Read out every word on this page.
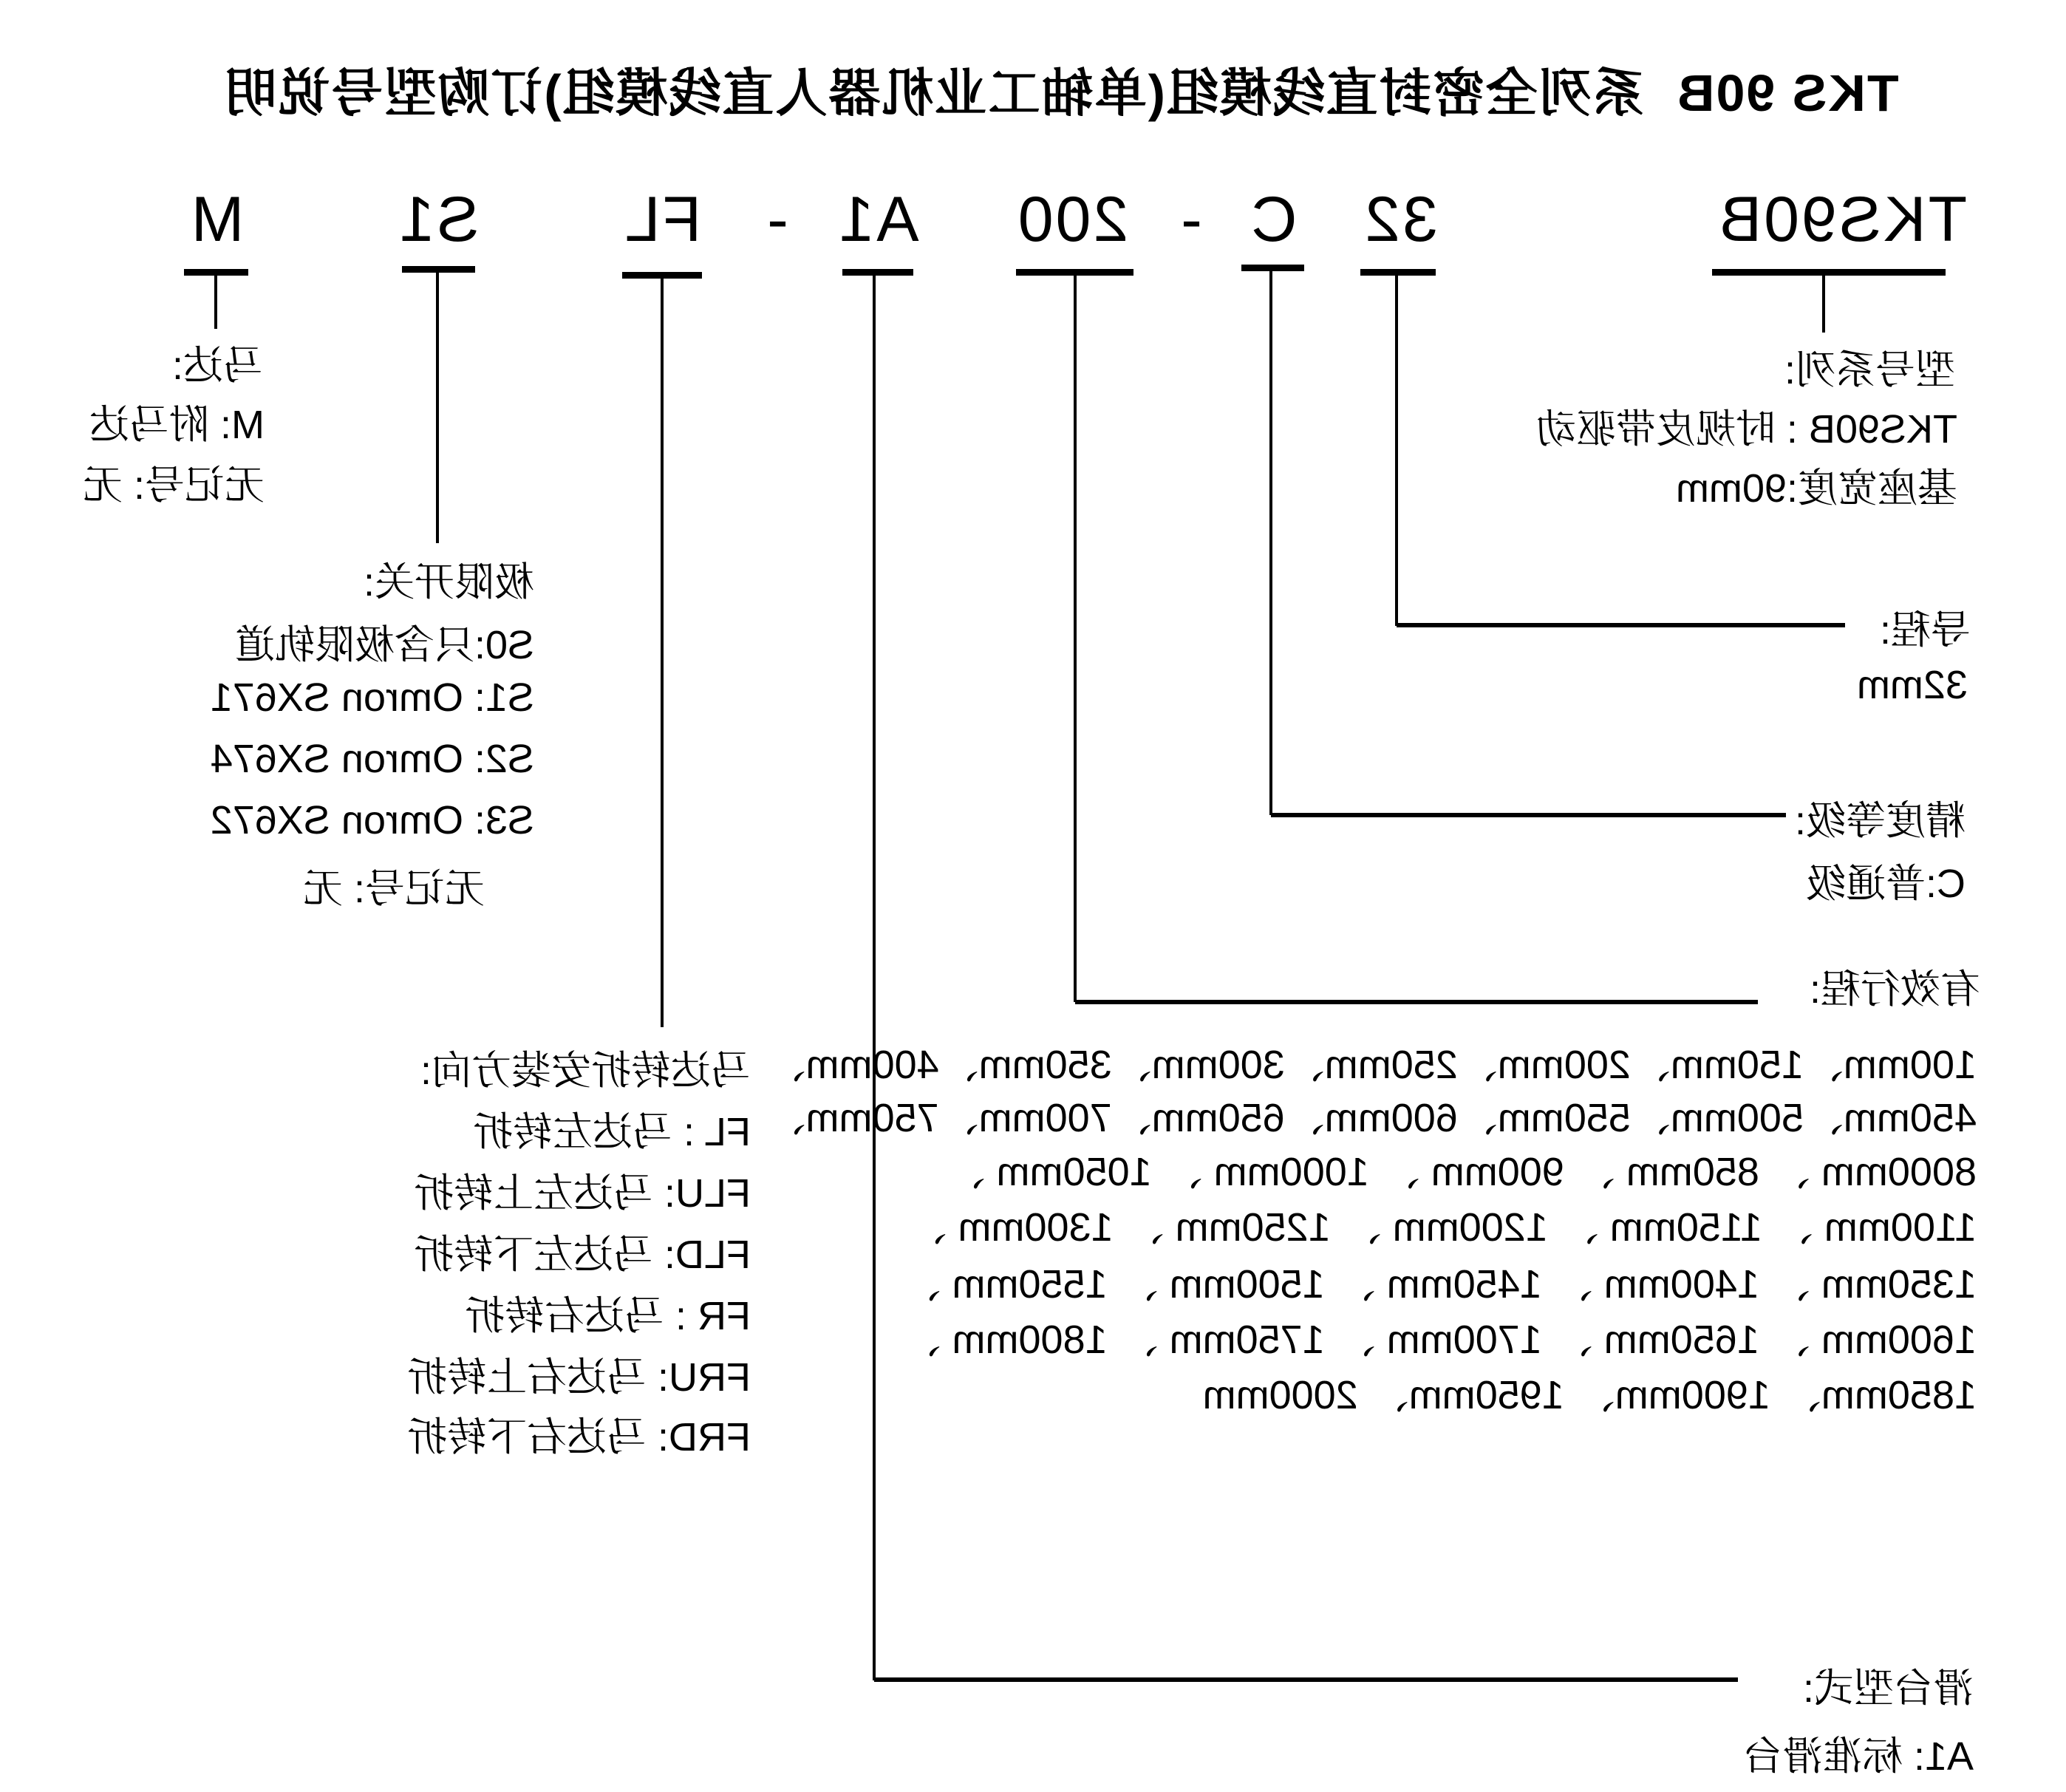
TKS 90B  系列全密封直线模组(单轴工业机器人直线模组)订购型号说明
TKS90B
32
C
-
200
A1
-
FL
S1
M
型号系列:
TKS90B : 时规皮带驱动
基座宽度:90mm
导程:
32mm
精度等级:
C:普通级
有效行程:
100mm、150mm、200mm、250mm、300mm、350mm、400mm、
450mm、500mm、550mm、600mm、650mm、700mm、750mm、
8000mm 、 850mm 、 900mm 、 1000mm 、 1050mm 、
1100mm 、 1150mm 、 1200mm 、 1250mm 、 1300mm 、
1350mm 、 1400mm 、 1450mm 、 1500mm 、 1550mm 、
1600mm 、 1650mm 、 1700mm 、 1750mm 、 1800mm 、
1850mm、 1900mm、 1950mm、 2000mm
滑台型式:
A1: 标准滑台
马达转折安装方向:
FL : 马达左转折
FLU: 马达左上转折
FLD: 马达左下转折
FR : 马达右转折
FRU: 马达右上转折
FRD: 马达右下转折
极限开关:
S0:只含极限轨道
S1: Omron SX671
S2: Omron SX674
S3: Omron SX672
无记号: 无
马达:
M: 附马达
无记号: 无
